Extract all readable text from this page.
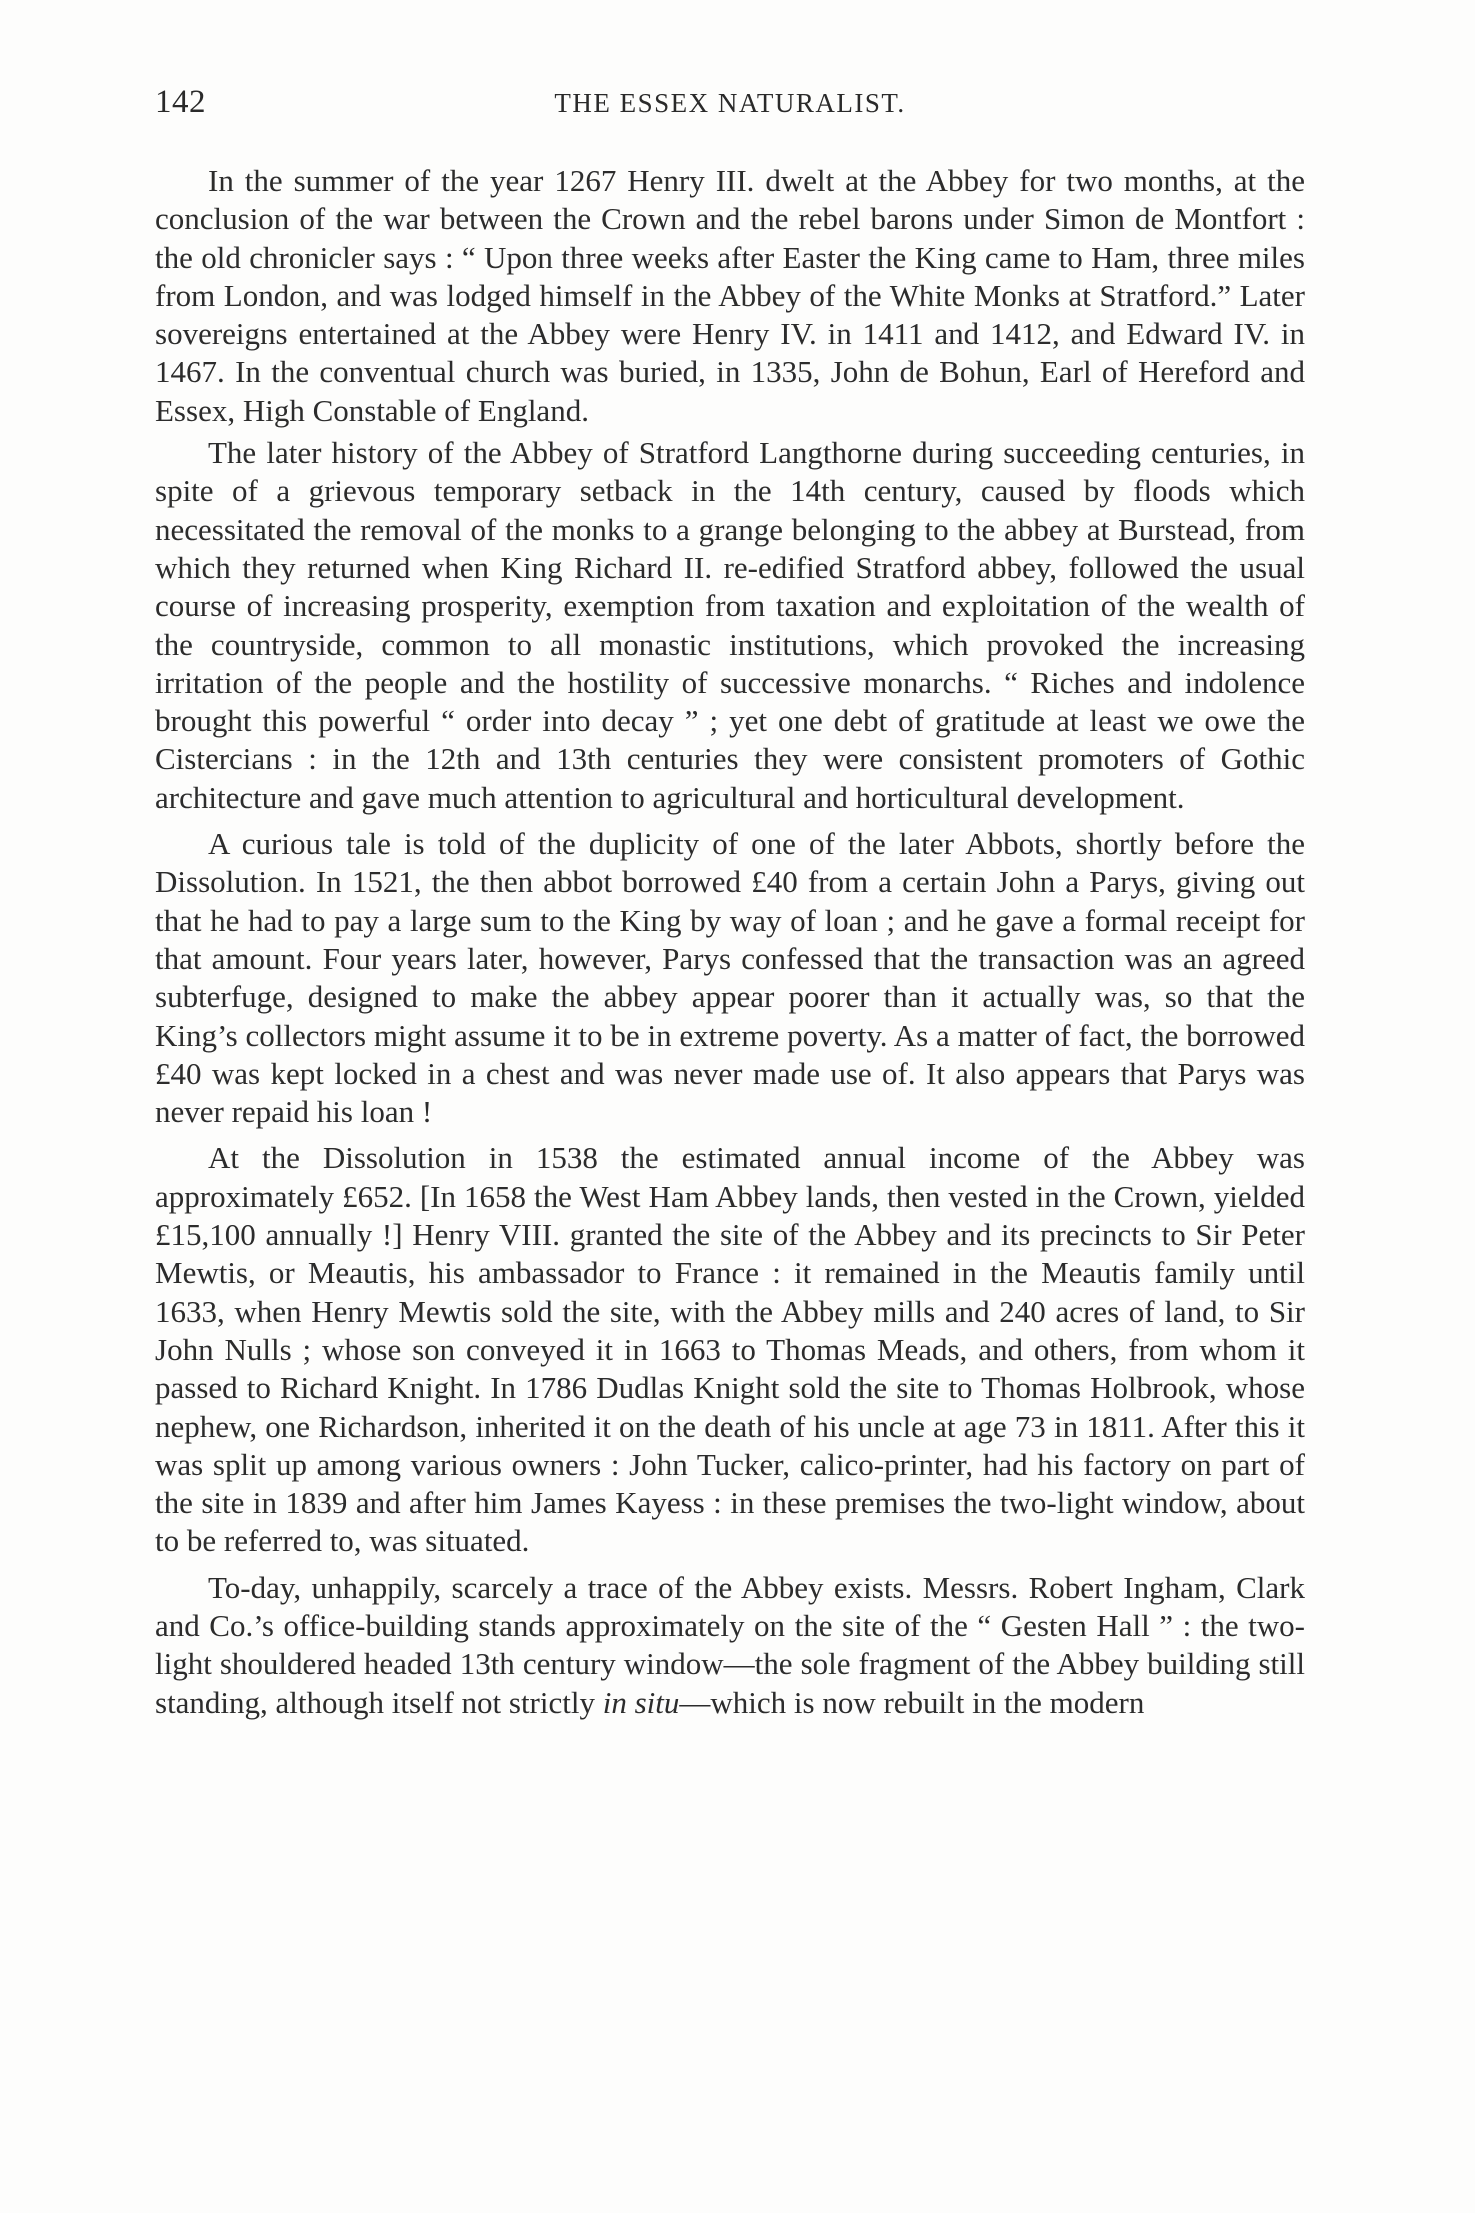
142	THE ESSEX NATURALIST.

In the summer of the year 1267 Henry III. dwelt at the Abbey for two months, at the conclusion of the war between the Crown and the rebel barons under Simon de Montfort : the old chronicler says : “ Upon three weeks after Easter the King came to Ham, three miles from London, and was lodged himself in the Abbey of the White Monks at Stratford.” Later sovereigns entertained at the Abbey were Henry IV. in 1411 and 1412, and Edward IV. in 1467. In the conventual church was buried, in 1335, John de Bohun, Earl of Hereford and Essex, High Constable of England.

The later history of the Abbey of Stratford Langthorne during succeeding centuries, in spite of a grievous temporary setback in the 14th century, caused by floods which necessitated the removal of the monks to a grange belonging to the abbey at Burstead, from which they returned when King Richard II. re-edified Stratford abbey, followed the usual course of increasing prosperity, exemption from taxation and exploitation of the wealth of the countryside, common to all monastic institutions, which provoked the increasing irritation of the people and the hostility of successive monarchs. “ Riches and indolence brought this powerful “ order into decay ” ; yet one debt of gratitude at least we owe the Cistercians : in the 12th and 13th centuries they were consistent promoters of Gothic architecture and gave much attention to agricultural and horticultural development.

A curious tale is told of the duplicity of one of the later Abbots, shortly before the Dissolution. In 1521, the then abbot borrowed £40 from a certain John a Parys, giving out that he had to pay a large sum to the King by way of loan ; and he gave a formal receipt for that amount. Four years later, however, Parys confessed that the transaction was an agreed subterfuge, designed to make the abbey appear poorer than it actually was, so that the King’s collectors might assume it to be in extreme poverty. As a matter of fact, the borrowed £40 was kept locked in a chest and was never made use of. It also appears that Parys was never repaid his loan !

At the Dissolution in 1538 the estimated annual income of the Abbey was approximately £652. [In 1658 the West Ham Abbey lands, then vested in the Crown, yielded £15,100 annually !] Henry VIII. granted the site of the Abbey and its precincts to Sir Peter Mewtis, or Meautis, his ambassador to France : it remained in the Meautis family until 1633, when Henry Mewtis sold the site, with the Abbey mills and 240 acres of land, to Sir John Nulls ; whose son conveyed it in 1663 to Thomas Meads, and others, from whom it passed to Richard Knight. In 1786 Dudlas Knight sold the site to Thomas Holbrook, whose nephew, one Richardson, inherited it on the death of his uncle at age 73 in 1811. After this it was split up among various owners : John Tucker, calico-printer, had his factory on part of the site in 1839 and after him James Kayess : in these premises the two-light window, about to be referred to, was situated.

To-day, unhappily, scarcely a trace of the Abbey exists. Messrs. Robert Ingham, Clark and Co.’s office-building stands approximately on the site of the “ Gesten Hall ” : the two-light shouldered headed 13th century window—the sole fragment of the Abbey building still standing, although itself not strictly in situ—which is now rebuilt in the modern
